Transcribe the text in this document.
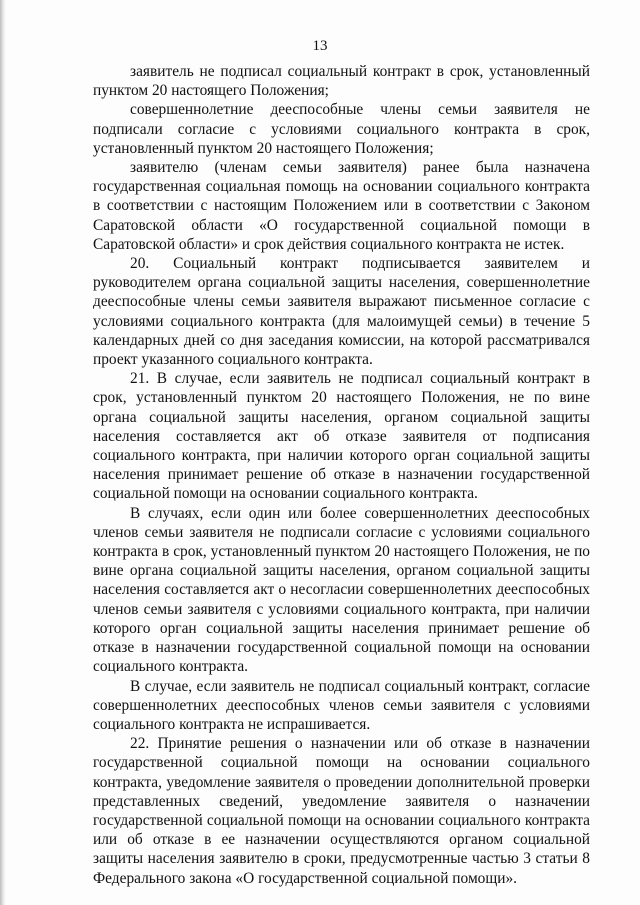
13

заявитель не подписал социальный контракт в срок, установленный пунктом 20 настоящего Положения;

совершеннолетние дееспособные члены семьи заявителя не подписали согласие с условиями социального контракта в срок, установленный пунктом 20 настоящего Положения;

заявителю (членам семьи заявителя) ранее была назначена государственная социальная помощь на основании социального контракта в соответствии с настоящим Положением или в соответствии с Законом Саратовской области «О государственной социальной помощи в Саратовской области» и срок действия социального контракта не истек.

20. Социальный контракт подписывается заявителем и руководителем органа социальной защиты населения, совершеннолетние дееспособные члены семьи заявителя выражают письменное согласие с условиями социального контракта (для малоимущей семьи) в течение 5 календарных дней со дня заседания комиссии, на которой рассматривался проект указанного социального контракта.

21. В случае, если заявитель не подписал социальный контракт в срок, установленный пунктом 20 настоящего Положения, не по вине органа социальной защиты населения, органом социальной защиты населения составляется акт об отказе заявителя от подписания социального контракта, при наличии которого орган социальной защиты населения принимает решение об отказе в назначении государственной социальной помощи на основании социального контракта.

В случаях, если один или более совершеннолетних дееспособных членов семьи заявителя не подписали согласие с условиями социального контракта в срок, установленный пунктом 20 настоящего Положения, не по вине органа социальной защиты населения, органом социальной защиты населения составляется акт о несогласии совершеннолетних дееспособных членов семьи заявителя с условиями социального контракта, при наличии которого орган социальной защиты населения принимает решение об отказе в назначении государственной социальной помощи на основании социального контракта.

В случае, если заявитель не подписал социальный контракт, согласие совершеннолетних дееспособных членов семьи заявителя с условиями социального контракта не испрашивается.

22. Принятие решения о назначении или об отказе в назначении государственной социальной помощи на основании социального контракта, уведомление заявителя о проведении дополнительной проверки представленных сведений, уведомление заявителя о назначении государственной социальной помощи на основании социального контракта или об отказе в ее назначении осуществляются органом социальной защиты населения заявителю в сроки, предусмотренные частью 3 статьи 8 Федерального закона «О государственной социальной помощи».
